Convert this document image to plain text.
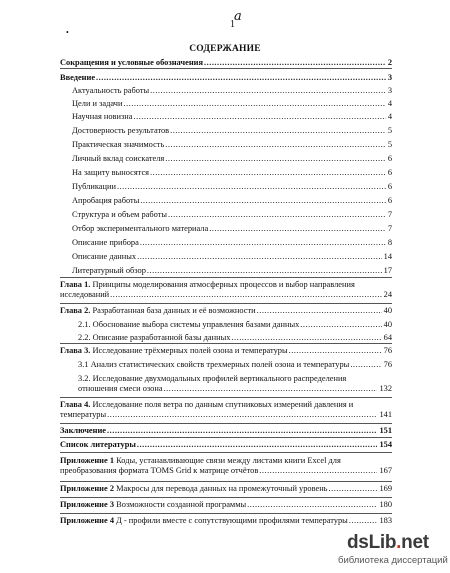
1
a
•
СОДЕРЖАНИЕ
Сокращения и условные обозначения .....	2
Введение .....	3
Актуальность работы .....	3
Цели и задачи .....	4
Научная новизна .....	4
Достоверность результатов .....	5
Практическая значимость .....	5
Личный вклад соискателя .....	6
На защиту выносятся .....	6
Публикации .....	6
Апробация работы .....	6
Структура и объем работы .....	7
Отбор экспериментального материала .....	7
Описание прибора .....	8
Описание данных .....	14
Литературный обзор .....	17
Глава 1. Принципы моделирования атмосферных процессов и выбор направления
исследований .....	24
Глава 2. Разработанная база данных и её возможности .....	40
2.1. Обоснование выбора системы управления базами данных .....	40
2.2. Описание разработанной базы данных .....	64
Глава 3. Исследование трёхмерных полей озона и температуры .....	76
3.1 Анализ статистических свойств трехмерных полей озона и температуры .....	76
3.2. Исследование двухмодальных профилей вертикального распределения
отношения смеси озона .....	132
Глава 4. Исследование поля ветра по данным спутниковых измерений давления и
температуры .....	141
Заключение .....	151
Список литературы .....	154
Приложение 1 Коды, устанавливающие связи между листами книги Excel для
преобразования формата TOMS Grid к матрице отчётов .....	167
Приложение 2 Макросы для перевода данных на промежуточный уровень .....	169
Приложение 3 Возможности созданной программы .....	180
Приложение 4 Д - профили вместе с сопутствующими профилями температуры .....	183
dsLib.net
библиотека диссертаций
